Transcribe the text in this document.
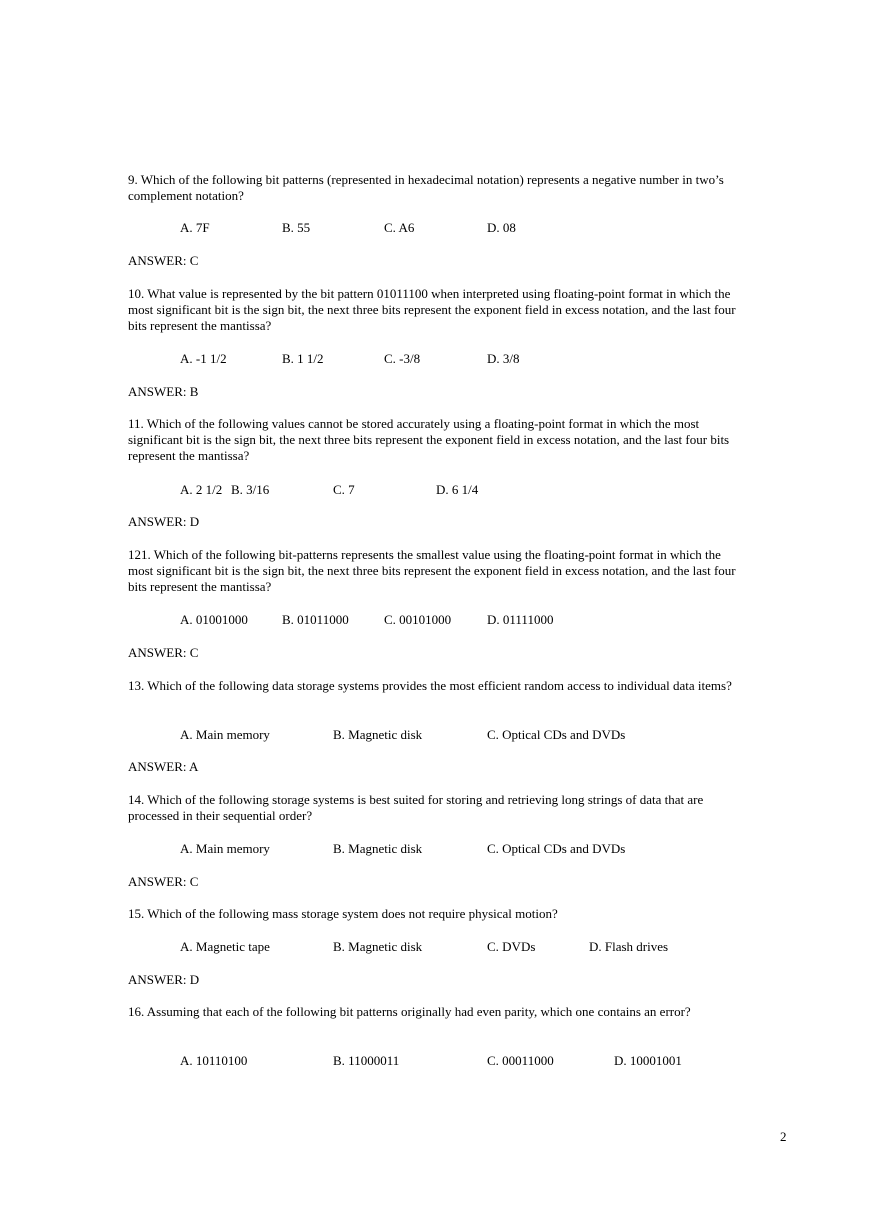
9. Which of the following bit patterns (represented in hexadecimal notation) represents a negative number in two’s complement notation?
A. 7F	B. 55	C. A6	D. 08
ANSWER: C
10. What value is represented by the bit pattern 01011100 when interpreted using floating-point format in which the most significant bit is the sign bit, the next three bits represent the exponent field in excess notation, and the last four bits represent the mantissa?
A. -1 1/2	B. 1 1/2	C. -3/8	D. 3/8
ANSWER: B
11. Which of the following values cannot be stored accurately using a floating-point format in which the most significant bit is the sign bit, the next three bits represent the exponent field in excess notation, and the last four bits represent the mantissa?
A. 2 1/2 B. 3/16	C. 7	D. 6 1/4
ANSWER: D
121. Which of the following bit-patterns represents the smallest value using the floating-point format in which the most significant bit is the sign bit, the next three bits represent the exponent field in excess notation, and the last four bits represent the mantissa?
A. 01001000	B. 01011000	C. 00101000	D. 01111000
ANSWER: C
13. Which of the following data storage systems provides the most efficient random access to individual data items?
A. Main memory	B. Magnetic disk	C. Optical CDs and DVDs
ANSWER: A
14. Which of the following storage systems is best suited for storing and retrieving long strings of data that are processed in their sequential order?
A. Main memory	B. Magnetic disk	C. Optical CDs and DVDs
ANSWER: C
15. Which of the following mass storage system does not require physical motion?
A. Magnetic tape	B. Magnetic disk	C. DVDs	D. Flash drives
ANSWER: D
16. Assuming that each of the following bit patterns originally had even parity, which one contains an error?
A. 10110100	B. 11000011	C. 00011000	D. 10001001
2
